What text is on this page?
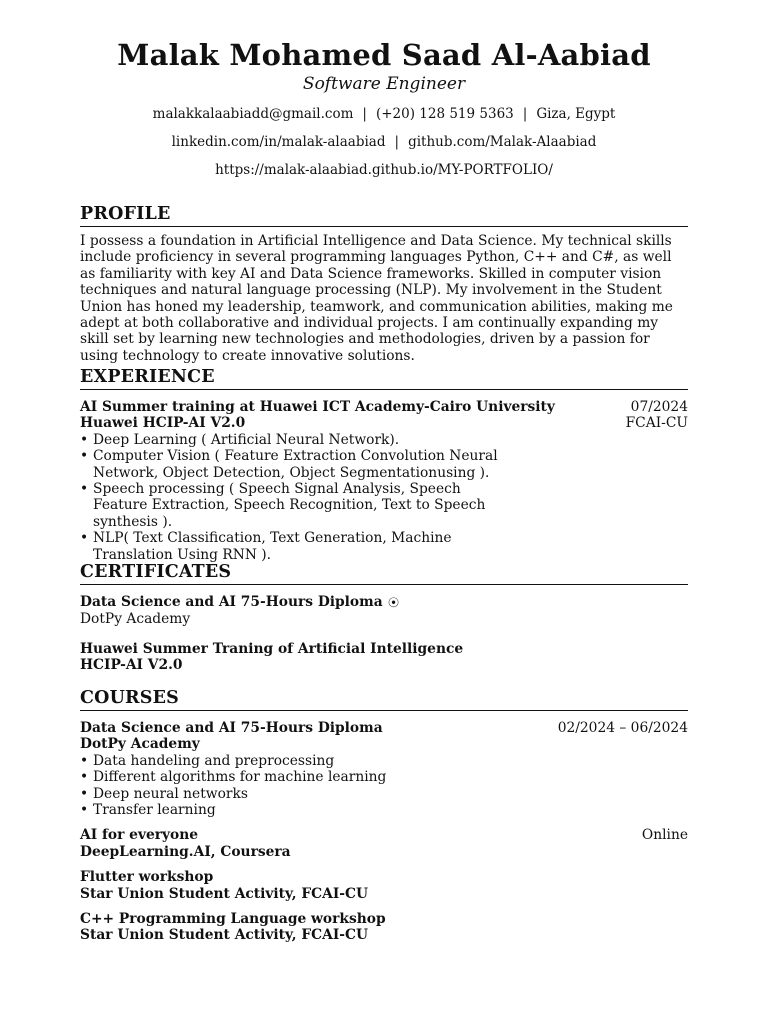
Malak Mohamed Saad Al-Aabiad
Software Engineer
malakkalaabiadd@gmail.com | (+20) 128 519 5363 | Giza, Egypt
linkedin.com/in/malak-alaabiad | github.com/Malak-Alaabiad
https://malak-alaabiad.github.io/MY-PORTFOLIO/
PROFILE

I possess a foundation in Artificial Intelligence and Data Science. My technical skills include proficiency in several programming languages Python, C++ and C#, as well as familiarity with key AI and Data Science frameworks. Skilled in computer vision techniques and natural language processing (NLP). My involvement in the Student Union has honed my leadership, teamwork, and communication abilities, making me adept at both collaborative and individual projects. I am continually expanding my skill set by learning new technologies and methodologies, driven by a passion for using technology to create innovative solutions.

EXPERIENCE
AI Summer training at Huawei ICT Academy-Cairo University	07/2024
Huawei HCIP-AI V2.0	FCAI-CU
• Deep Learning ( Artificial Neural Network).
• Computer Vision ( Feature Extraction Convolution Neural Network, Object Detection, Object Segmentationusing ).
• Speech processing ( Speech Signal Analysis, Speech Feature Extraction, Speech Recognition, Text to Speech synthesis ).
• NLP( Text Classification, Text Generation, Machine Translation Using RNN ).
CERTIFICATES
Data Science and AI 75-Hours Diploma ⦿
DotPy Academy
Huawei Summer Traning of Artificial Intelligence
HCIP-AI V2.0
COURSES
Data Science and AI 75-Hours Diploma	02/2024 – 06/2024
DotPy Academy
• Data handeling and preprocessing
• Different algorithms for machine learning
• Deep neural networks
• Transfer learning
AI for everyone	Online
DeepLearning.AI, Coursera
Flutter workshop
Star Union Student Activity, FCAI-CU
C++ Programming Language workshop
Star Union Student Activity, FCAI-CU
